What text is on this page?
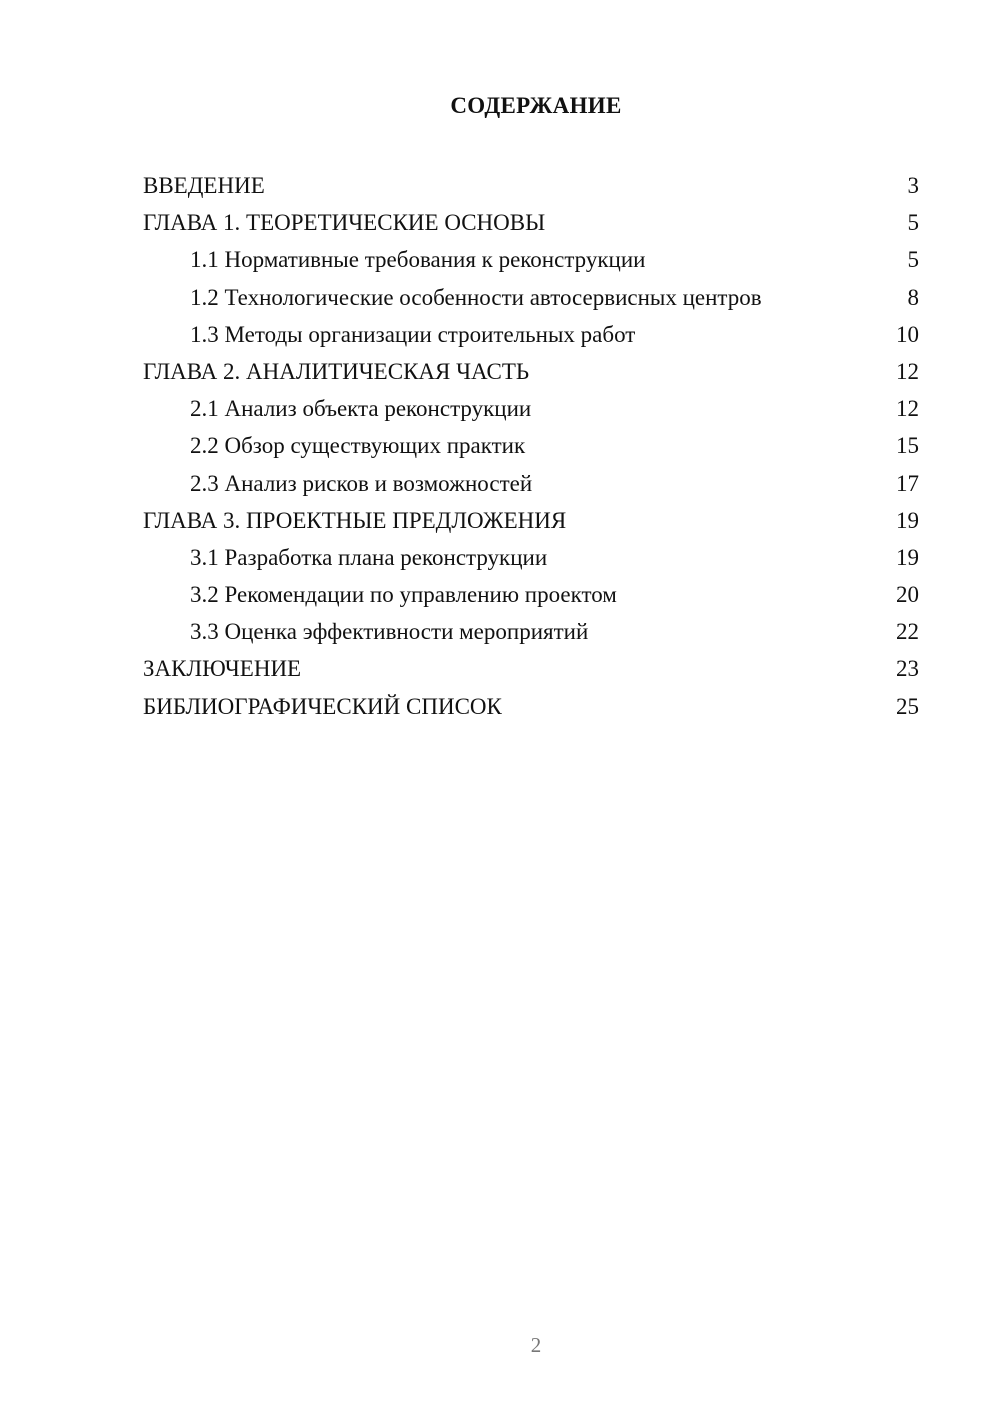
СОДЕРЖАНИЕ
ВВЕДЕНИЕ	3
ГЛАВА 1. ТЕОРЕТИЧЕСКИЕ ОСНОВЫ	5
1.1 Нормативные требования к реконструкции	5
1.2 Технологические особенности автосервисных центров	8
1.3 Методы организации строительных работ	10
ГЛАВА 2. АНАЛИТИЧЕСКАЯ ЧАСТЬ	12
2.1 Анализ объекта реконструкции	12
2.2 Обзор существующих практик	15
2.3 Анализ рисков и возможностей	17
ГЛАВА 3. ПРОЕКТНЫЕ ПРЕДЛОЖЕНИЯ	19
3.1 Разработка плана реконструкции	19
3.2 Рекомендации по управлению проектом	20
3.3 Оценка эффективности мероприятий	22
ЗАКЛЮЧЕНИЕ	23
БИБЛИОГРАФИЧЕСКИЙ СПИСОК	25
2
